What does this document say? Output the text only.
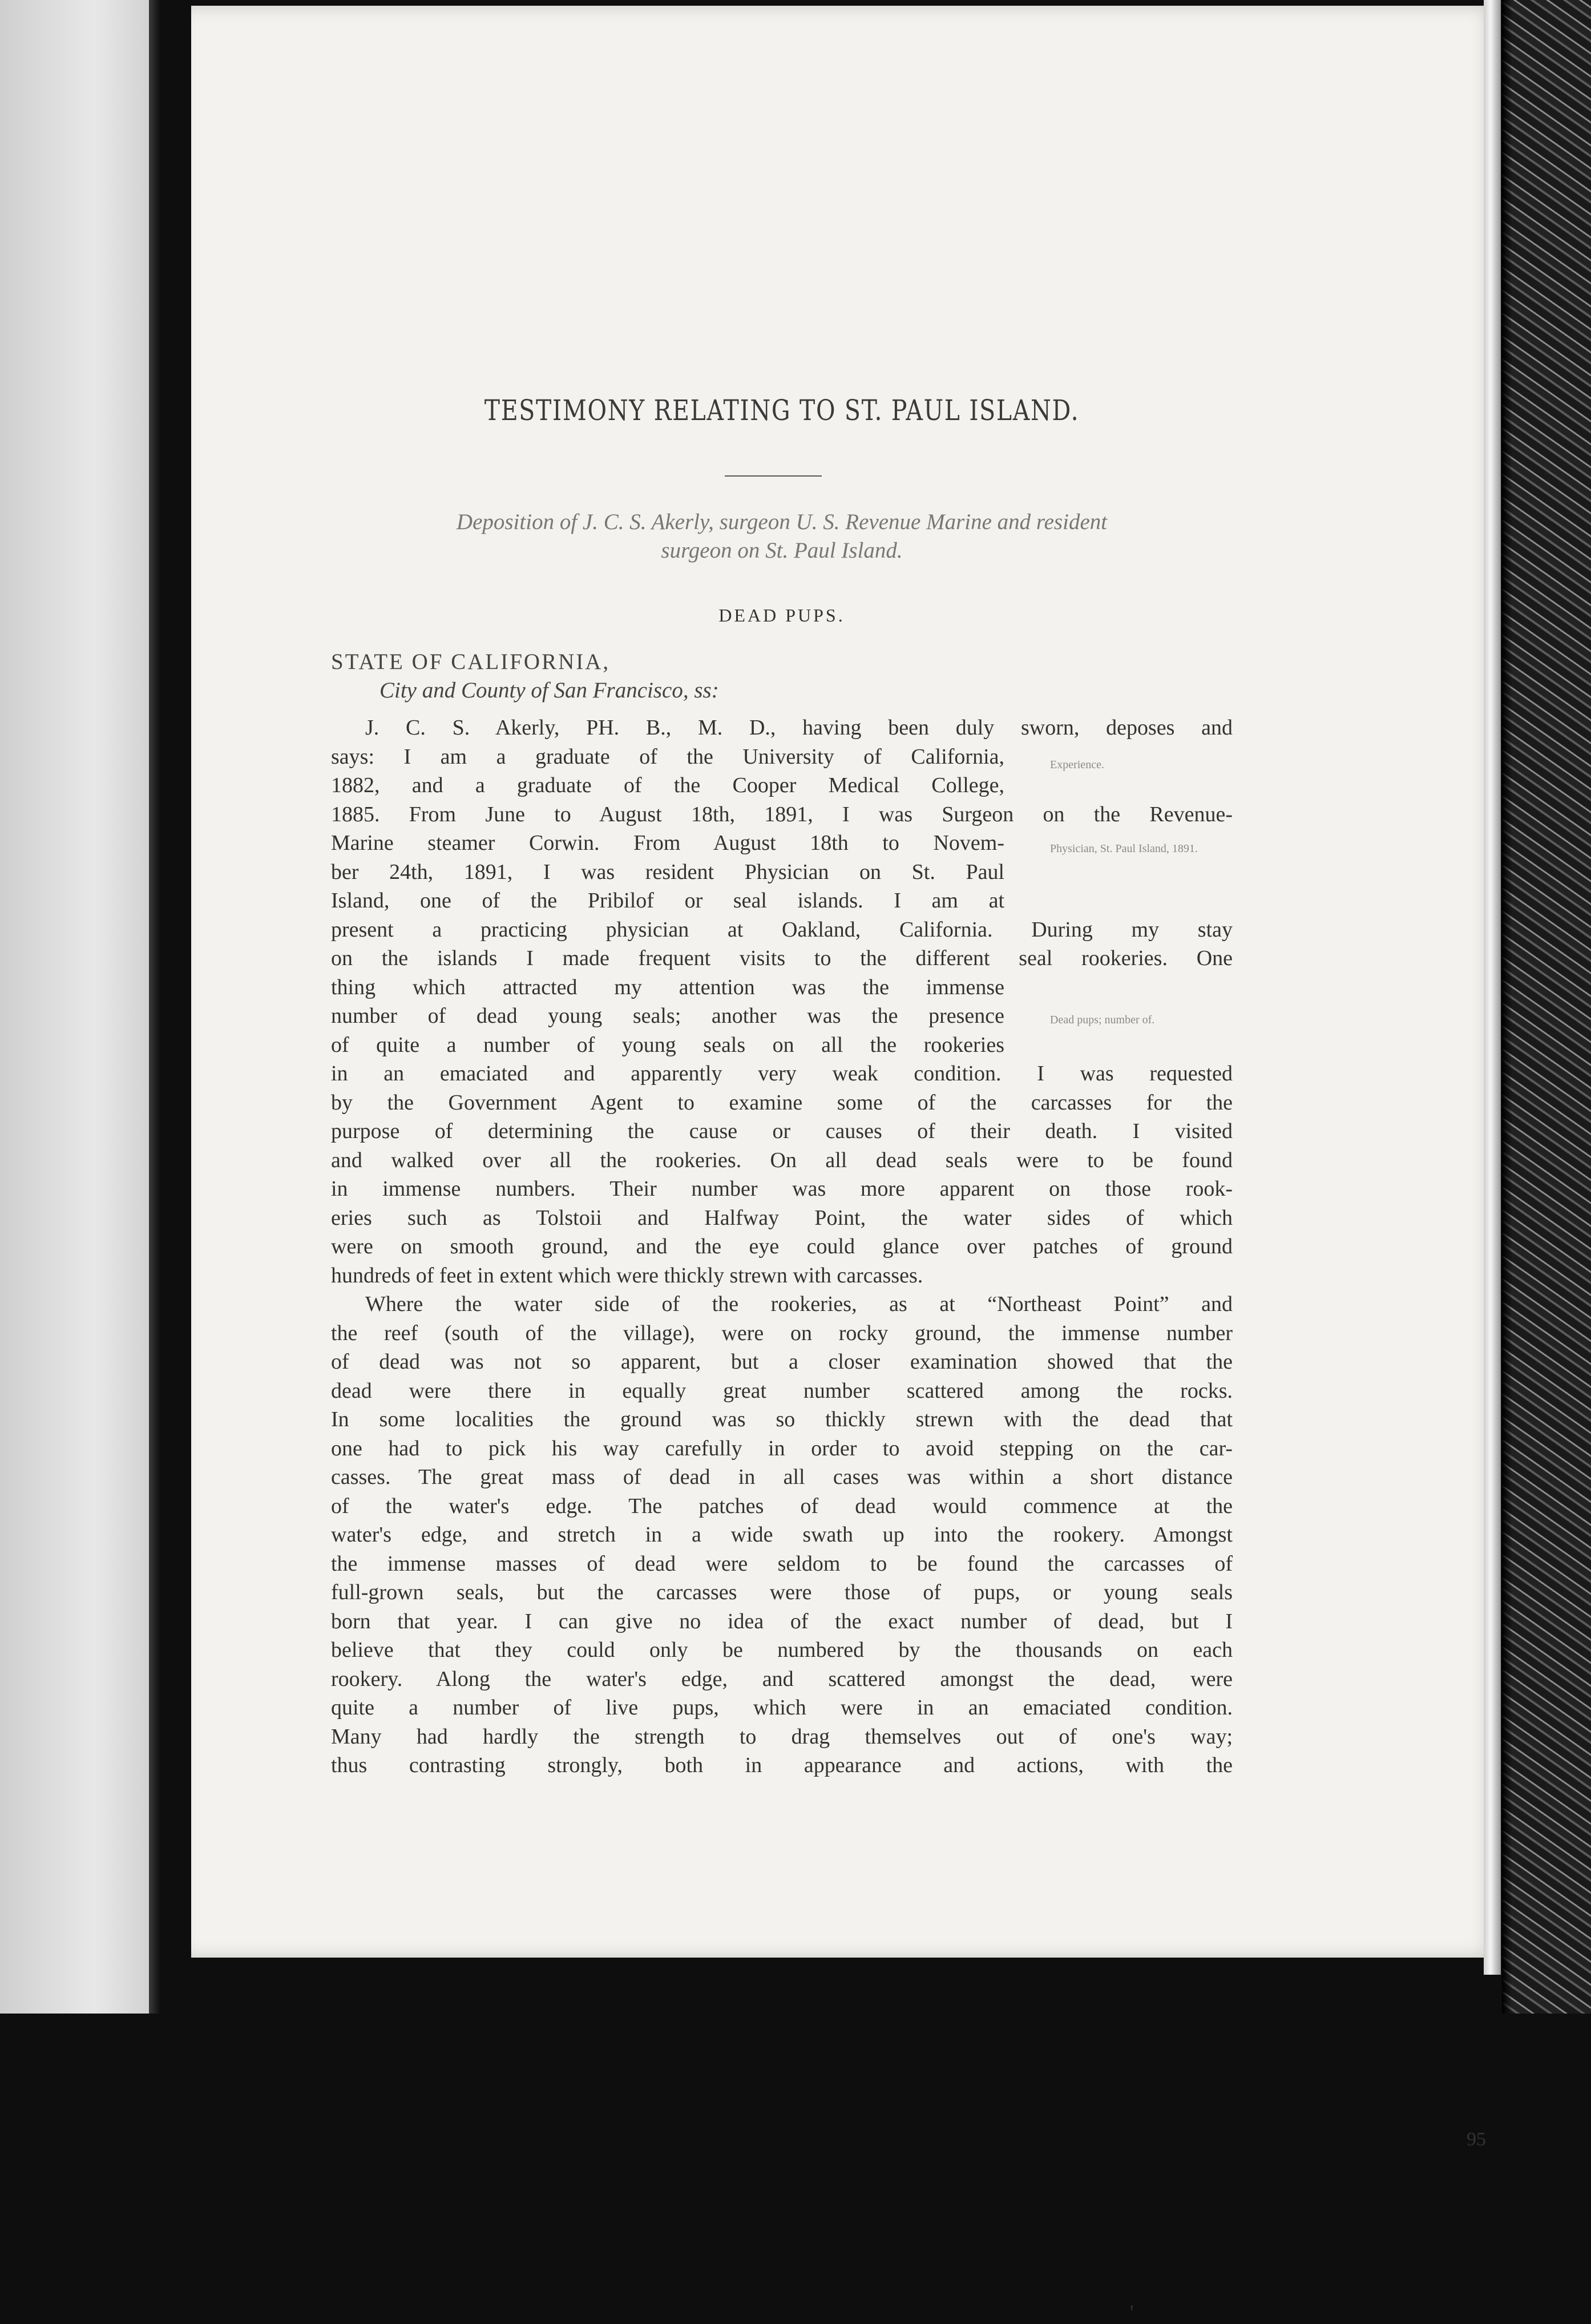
TESTIMONY RELATING TO ST. PAUL ISLAND.
Deposition of J. C. S. Akerly, surgeon U. S. Revenue Marine and resident
surgeon on St. Paul Island.
DEAD PUPS.
STATE OF CALIFORNIA,
City and County of San Francisco, ss:
Experience.
Physician, St. Paul Island, 1891.
Dead pups; number of.
J. C. S. Akerly, PH. B., M. D., having been duly sworn, deposes and
says: I am a graduate of the University of California,
1882, and a graduate of the Cooper Medical College,
1885. From June to August 18th, 1891, I was Surgeon on the Revenue-
Marine steamer Corwin. From August 18th to Novem-
ber 24th, 1891, I was resident Physician on St. Paul
Island, one of the Pribilof or seal islands. I am at
present a practicing physician at Oakland, California. During my stay
on the islands I made frequent visits to the different seal rookeries. One
thing which attracted my attention was the immense
number of dead young seals; another was the presence
of quite a number of young seals on all the rookeries
in an emaciated and apparently very weak condition. I was requested
by the Government Agent to examine some of the carcasses for the
purpose of determining the cause or causes of their death. I visited
and walked over all the rookeries. On all dead seals were to be found
in immense numbers. Their number was more apparent on those rook-
eries such as Tolstoii and Halfway Point, the water sides of which
were on smooth ground, and the eye could glance over patches of ground
hundreds of feet in extent which were thickly strewn with carcasses.
Where the water side of the rookeries, as at “Northeast Point” and
the reef (south of the village), were on rocky ground, the immense number
of dead was not so apparent, but a closer examination showed that the
dead were there in equally great number scattered among the rocks.
In some localities the ground was so thickly strewn with the dead that
one had to pick his way carefully in order to avoid stepping on the car-
casses. The great mass of dead in all cases was within a short distance
of the water's edge. The patches of dead would commence at the
water's edge, and stretch in a wide swath up into the rookery. Amongst
the immense masses of dead were seldom to be found the carcasses of
full-grown seals, but the carcasses were those of pups, or young seals
born that year. I can give no idea of the exact number of dead, but I
believe that they could only be numbered by the thousands on each
rookery. Along the water's edge, and scattered amongst the dead, were
quite a number of live pups, which were in an emaciated condition.
Many had hardly the strength to drag themselves out of one's way;
thus contrasting strongly, both in appearance and actions, with the
95
'
